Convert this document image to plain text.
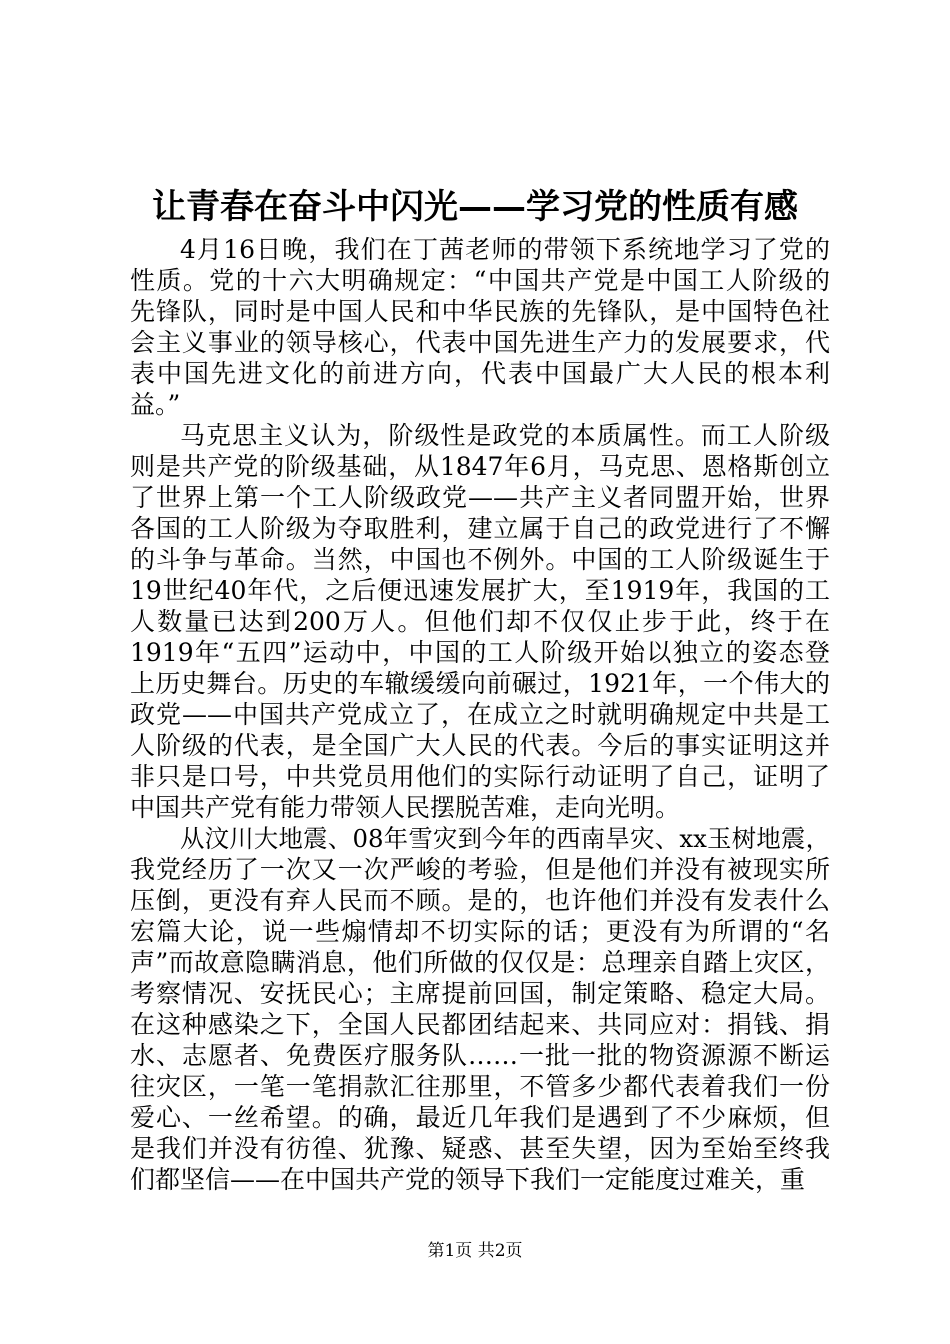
让青春在奋斗中闪光——学习党的性质有感
4月16日晚，我们在丁茜老师的带领下系统地学习了党的
性质。党的十六大明确规定：“中国共产党是中国工人阶级的
先锋队，同时是中国人民和中华民族的先锋队，是中国特色社
会主义事业的领导核心，代表中国先进生产力的发展要求，代
表中国先进文化的前进方向，代表中国最广大人民的根本利
益。”
马克思主义认为，阶级性是政党的本质属性。而工人阶级
则是共产党的阶级基础，从1847年6月，马克思、恩格斯创立
了世界上第一个工人阶级政党——共产主义者同盟开始，世界
各国的工人阶级为夺取胜利，建立属于自己的政党进行了不懈
的斗争与革命。当然，中国也不例外。中国的工人阶级诞生于
19世纪40年代，之后便迅速发展扩大，至1919年，我国的工
人数量已达到200万人。但他们却不仅仅止步于此，终于在
1919年“五四”运动中，中国的工人阶级开始以独立的姿态登
上历史舞台。历史的车辙缓缓向前碾过，1921年，一个伟大的
政党——中国共产党成立了，在成立之时就明确规定中共是工
人阶级的代表，是全国广大人民的代表。今后的事实证明这并
非只是口号，中共党员用他们的实际行动证明了自己，证明了
中国共产党有能力带领人民摆脱苦难，走向光明。
从汶川大地震、08年雪灾到今年的西南旱灾、xx玉树地震，
我党经历了一次又一次严峻的考验，但是他们并没有被现实所
压倒，更没有弃人民而不顾。是的，也许他们并没有发表什么
宏篇大论，说一些煽情却不切实际的话；更没有为所谓的“名
声”而故意隐瞒消息，他们所做的仅仅是：总理亲自踏上灾区，
考察情况、安抚民心；主席提前回国，制定策略、稳定大局。
在这种感染之下，全国人民都团结起来、共同应对：捐钱、捐
水、志愿者、免费医疗服务队……一批一批的物资源源不断运
往灾区，一笔一笔捐款汇往那里，不管多少都代表着我们一份
爱心、一丝希望。的确，最近几年我们是遇到了不少麻烦，但
是我们并没有彷徨、犹豫、疑惑、甚至失望，因为至始至终我
们都坚信——在中国共产党的领导下我们一定能度过难关，重
第1页 共2页
